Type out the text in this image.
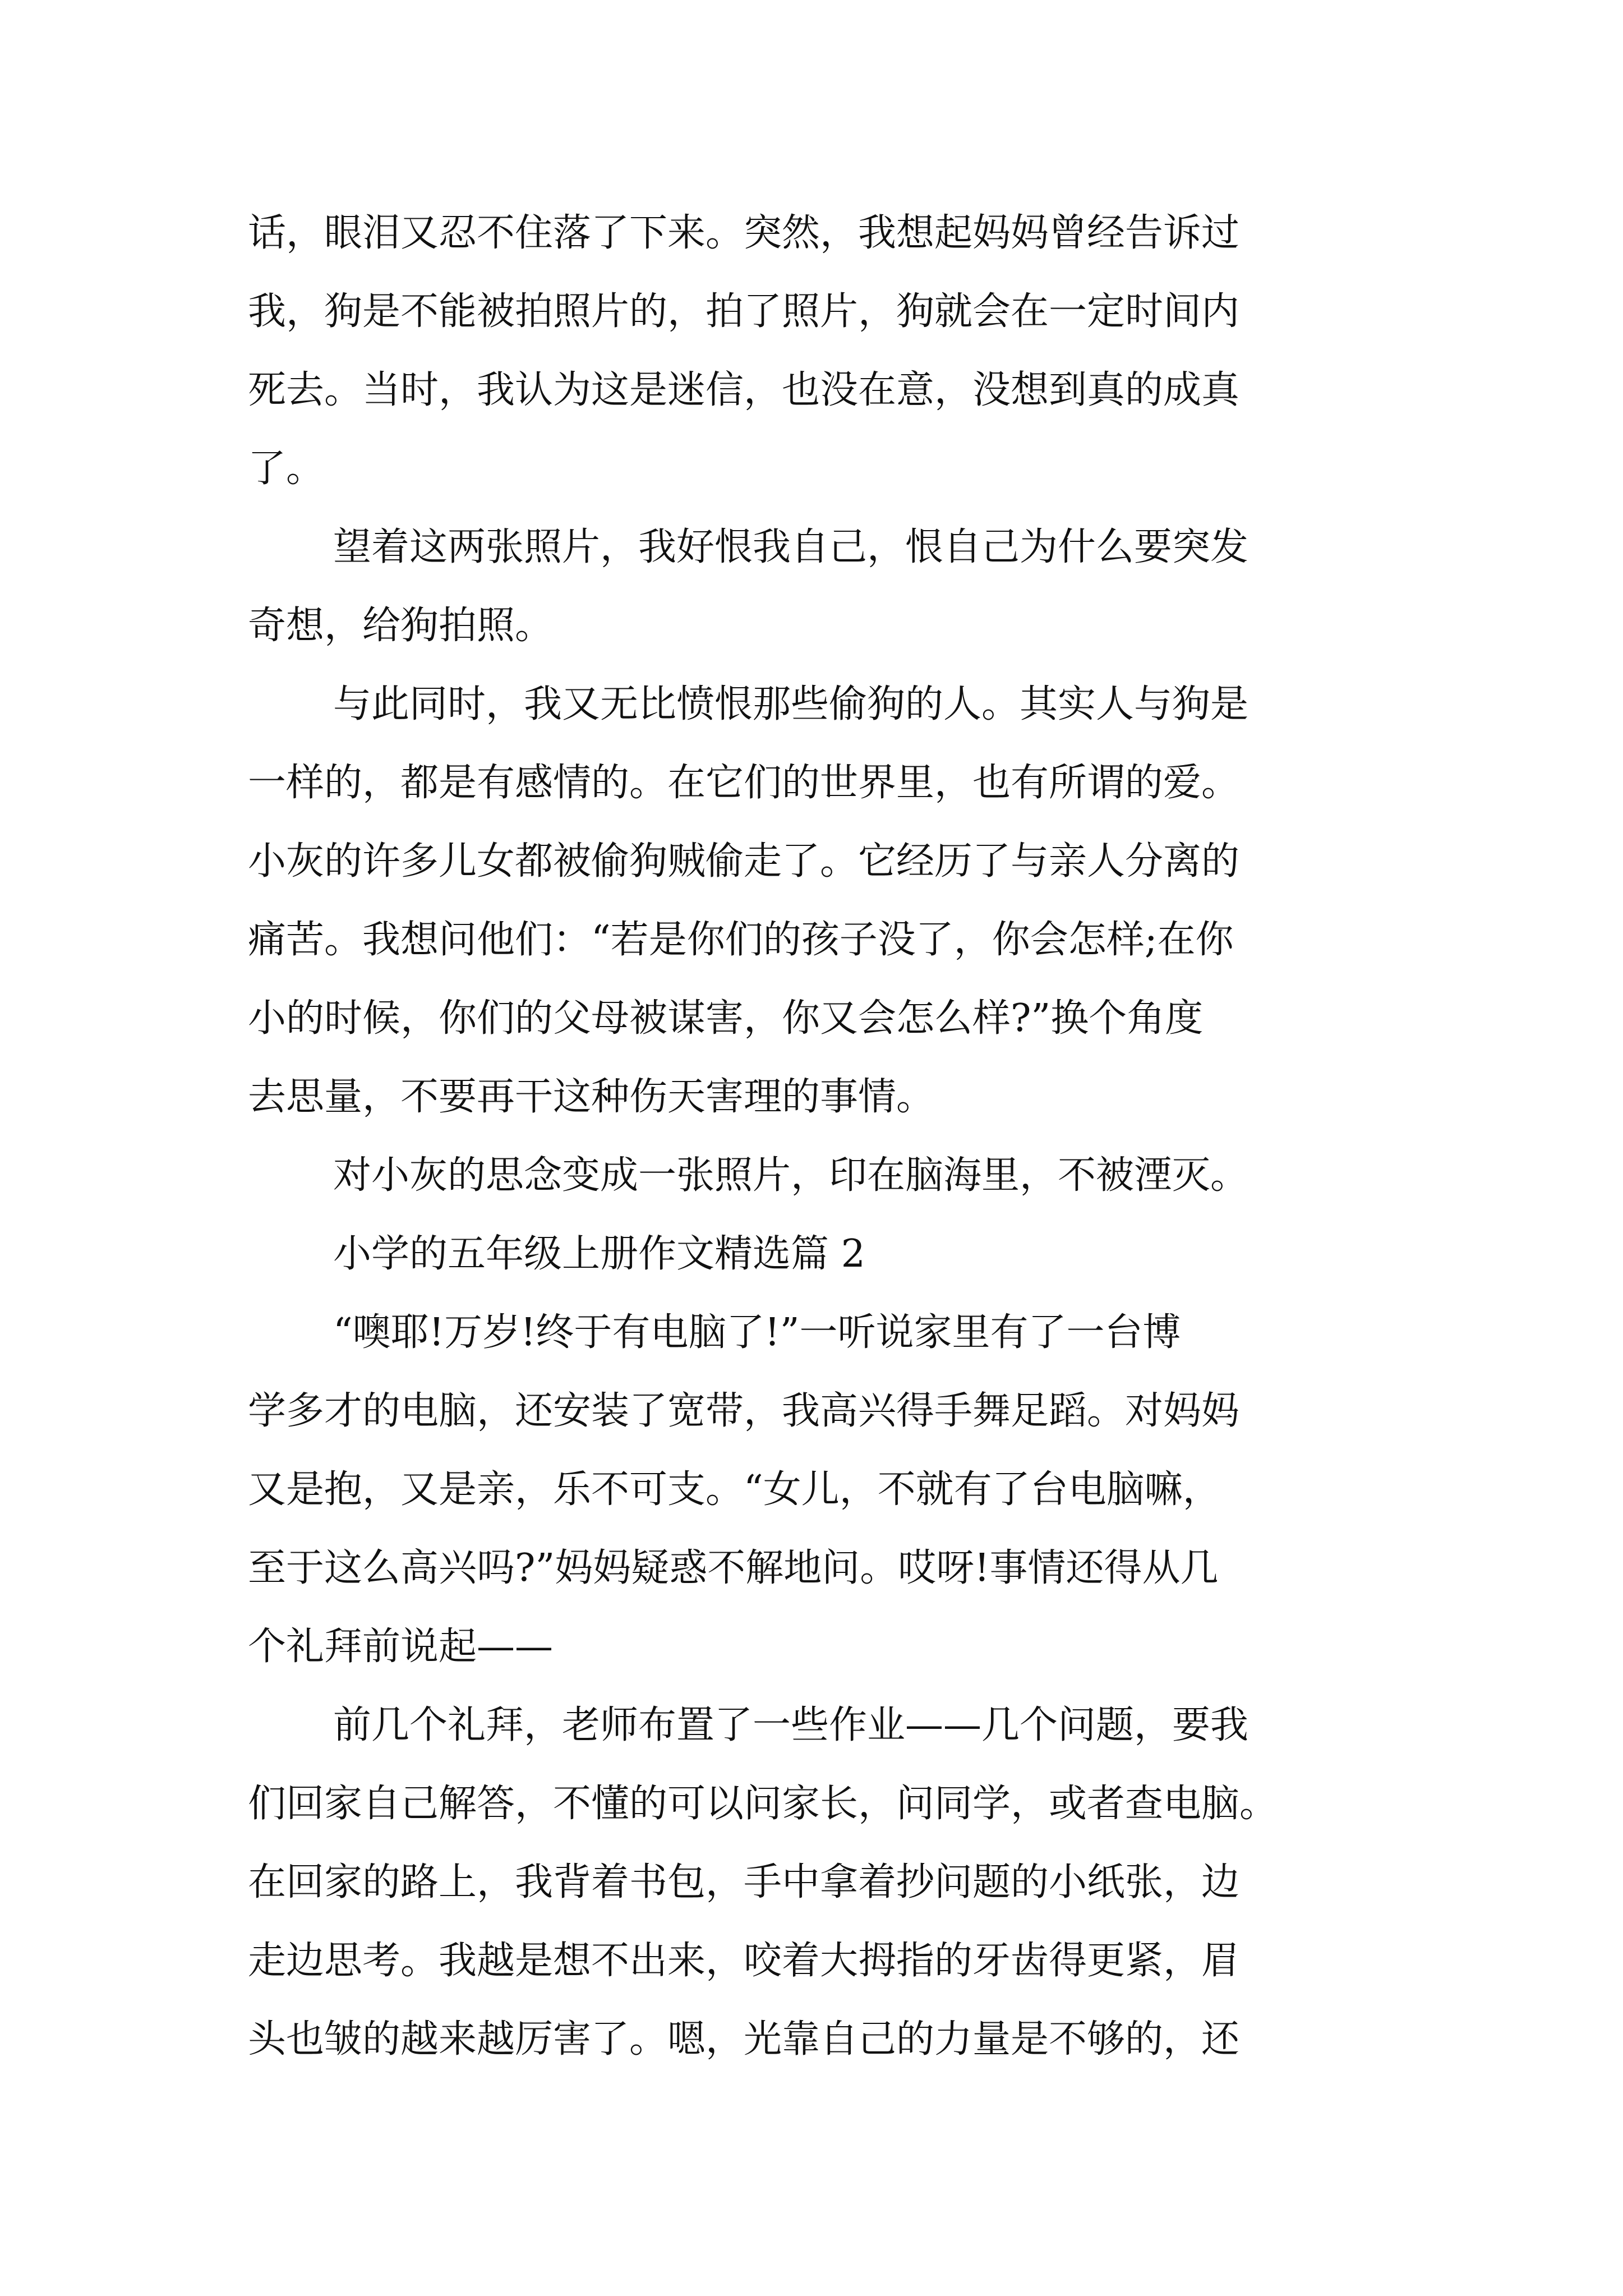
话，眼泪又忍不住落了下来。突然，我想起妈妈曾经告诉过
我，狗是不能被拍照片的，拍了照片，狗就会在一定时间内
死去。当时，我认为这是迷信，也没在意，没想到真的成真
了。
望着这两张照片，我好恨我自己，恨自己为什么要突发
奇想，给狗拍照。
与此同时，我又无比愤恨那些偷狗的人。其实人与狗是
一样的，都是有感情的。在它们的世界里，也有所谓的爱。
小灰的许多儿女都被偷狗贼偷走了。它经历了与亲人分离的
痛苦。我想问他们：“若是你们的孩子没了，你会怎样;在你
小的时候，你们的父母被谋害，你又会怎么样?”换个角度
去思量，不要再干这种伤天害理的事情。
对小灰的思念变成一张照片，印在脑海里，不被湮灭。
小学的五年级上册作文精选篇 2
“噢耶!万岁!终于有电脑了!”一听说家里有了一台博
学多才的电脑，还安装了宽带，我高兴得手舞足蹈。对妈妈
又是抱，又是亲，乐不可支。“女儿，不就有了台电脑嘛，
至于这么高兴吗?”妈妈疑惑不解地问。哎呀!事情还得从几
个礼拜前说起——
前几个礼拜，老师布置了一些作业——几个问题，要我
们回家自己解答，不懂的可以问家长，问同学，或者查电脑。
在回家的路上，我背着书包，手中拿着抄问题的小纸张，边
走边思考。我越是想不出来，咬着大拇指的牙齿得更紧，眉
头也皱的越来越厉害了。嗯，光靠自己的力量是不够的，还
